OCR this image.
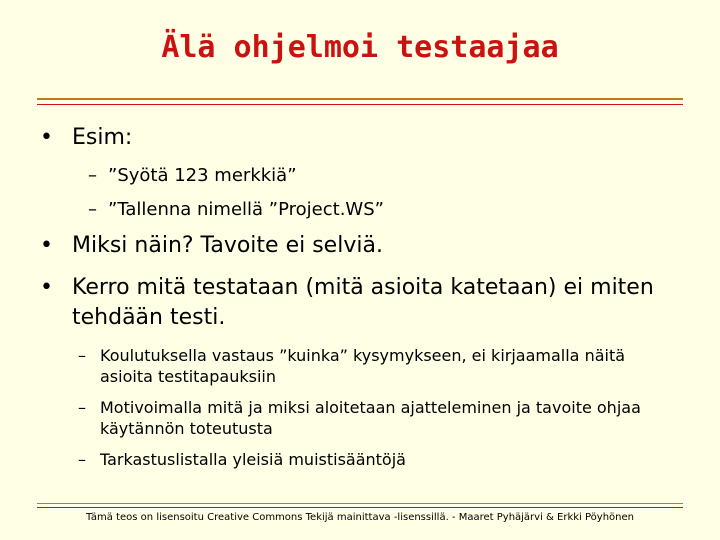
Älä ohjelmoi testaajaa
• Esim:
– ”Syötä 123 merkkiä”
– ”Tallenna nimellä ”Project.WS”
• Miksi näin? Tavoite ei selviä.
• Kerro mitä testataan (mitä asioita katetaan) ei miten tehdään testi.
– Koulutuksella vastaus ”kuinka” kysymykseen, ei kirjaamalla näitä asioita testitapauksiin
– Motivoimalla mitä ja miksi aloitetaan ajatteleminen ja tavoite ohjaa käytännön toteutusta
– Tarkastuslistalla yleisiä muistisääntöjä
Tämä teos on lisensoitu Creative Commons Tekijä mainittava -lisenssillä. - Maaret Pyhäjärvi & Erkki Pöyhönen
